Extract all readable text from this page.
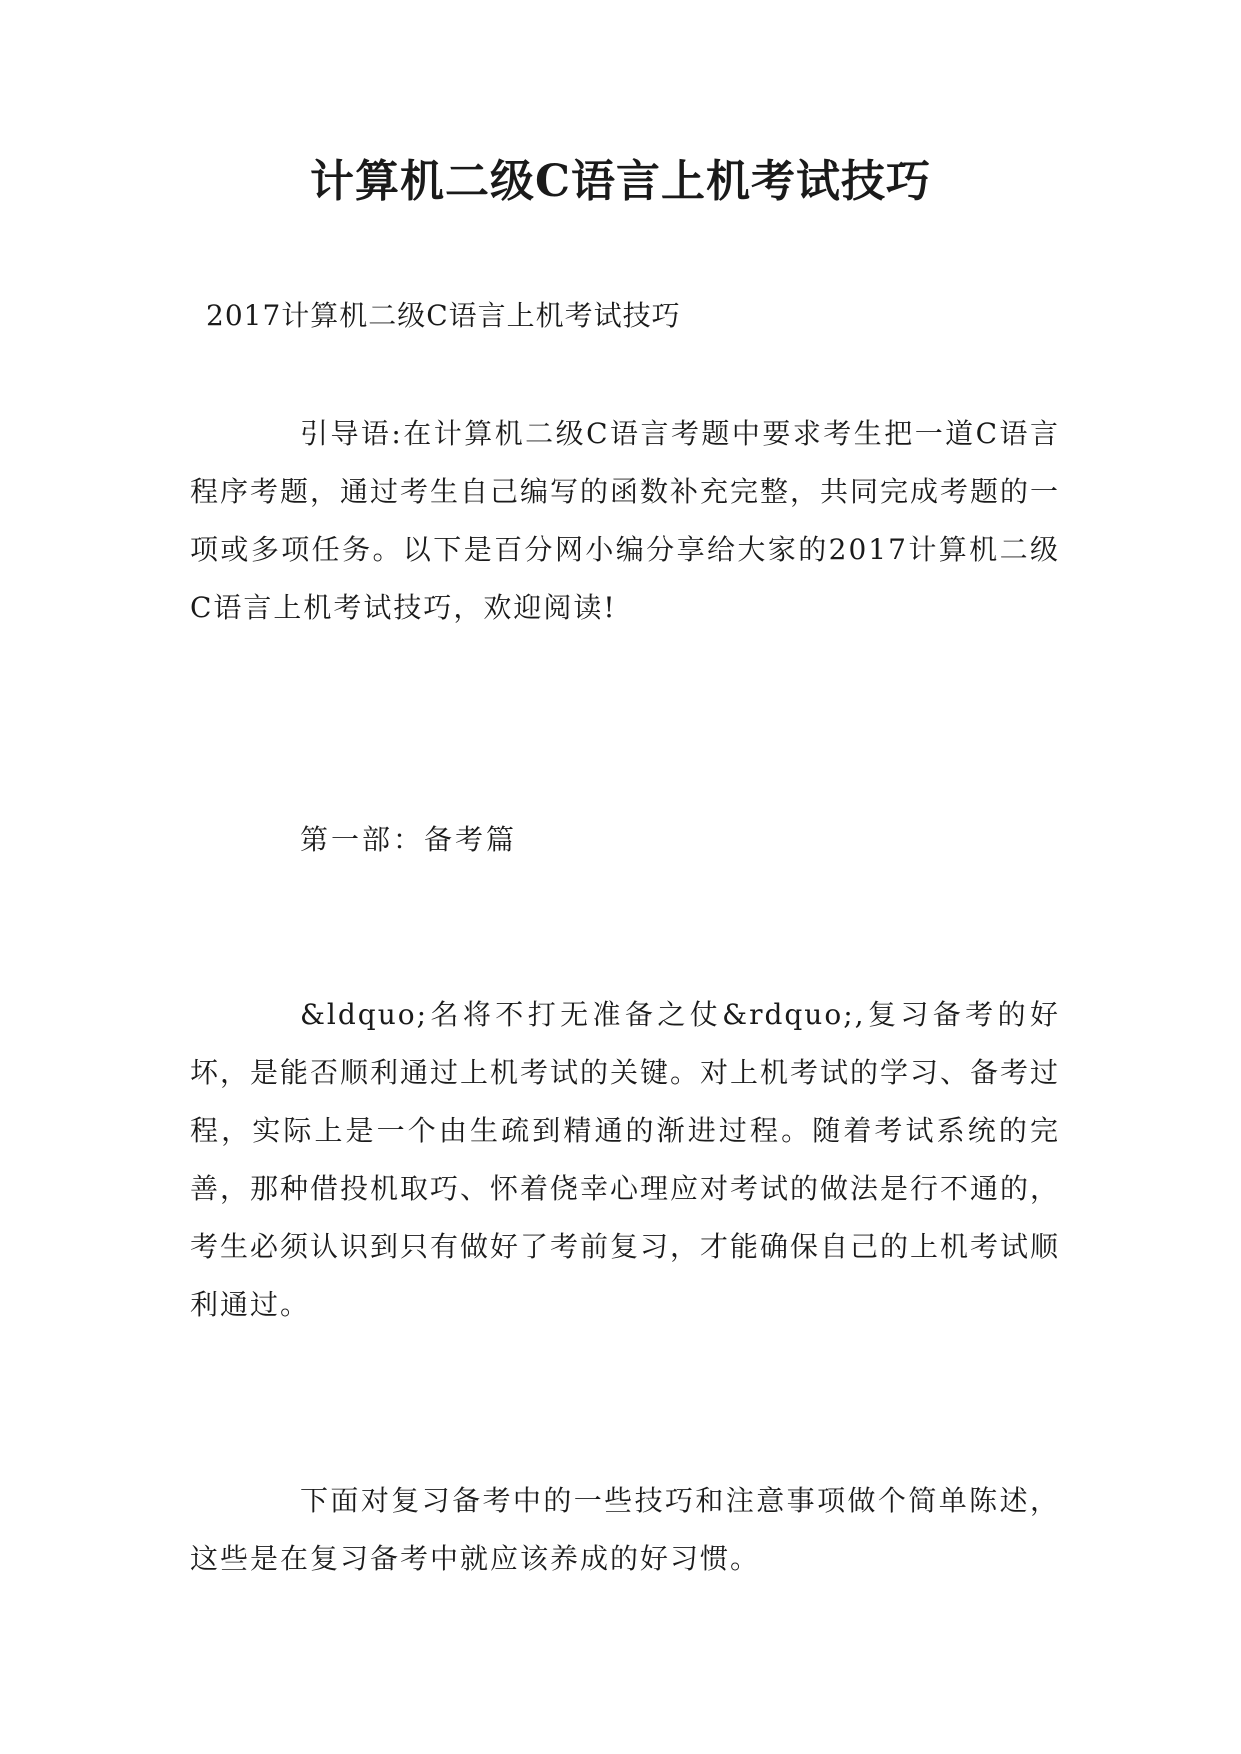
计算机二级C语言上机考试技巧

2017计算机二级C语言上机考试技巧

引导语:在计算机二级C语言考题中要求考生把一道C语言程序考题，通过考生自己编写的函数补充完整，共同完成考题的一项或多项任务。以下是百分网小编分享给大家的2017计算机二级C语言上机考试技巧，欢迎阅读!

第一部：备考篇

&ldquo;名将不打无准备之仗&rdquo;,复习备考的好坏，是能否顺利通过上机考试的关键。对上机考试的学习、备考过程，实际上是一个由生疏到精通的渐进过程。随着考试系统的完善，那种借投机取巧、怀着侥幸心理应对考试的做法是行不通的，考生必须认识到只有做好了考前复习，才能确保自己的上机考试顺利通过。

下面对复习备考中的一些技巧和注意事项做个简单陈述，这些是在复习备考中就应该养成的好习惯。
